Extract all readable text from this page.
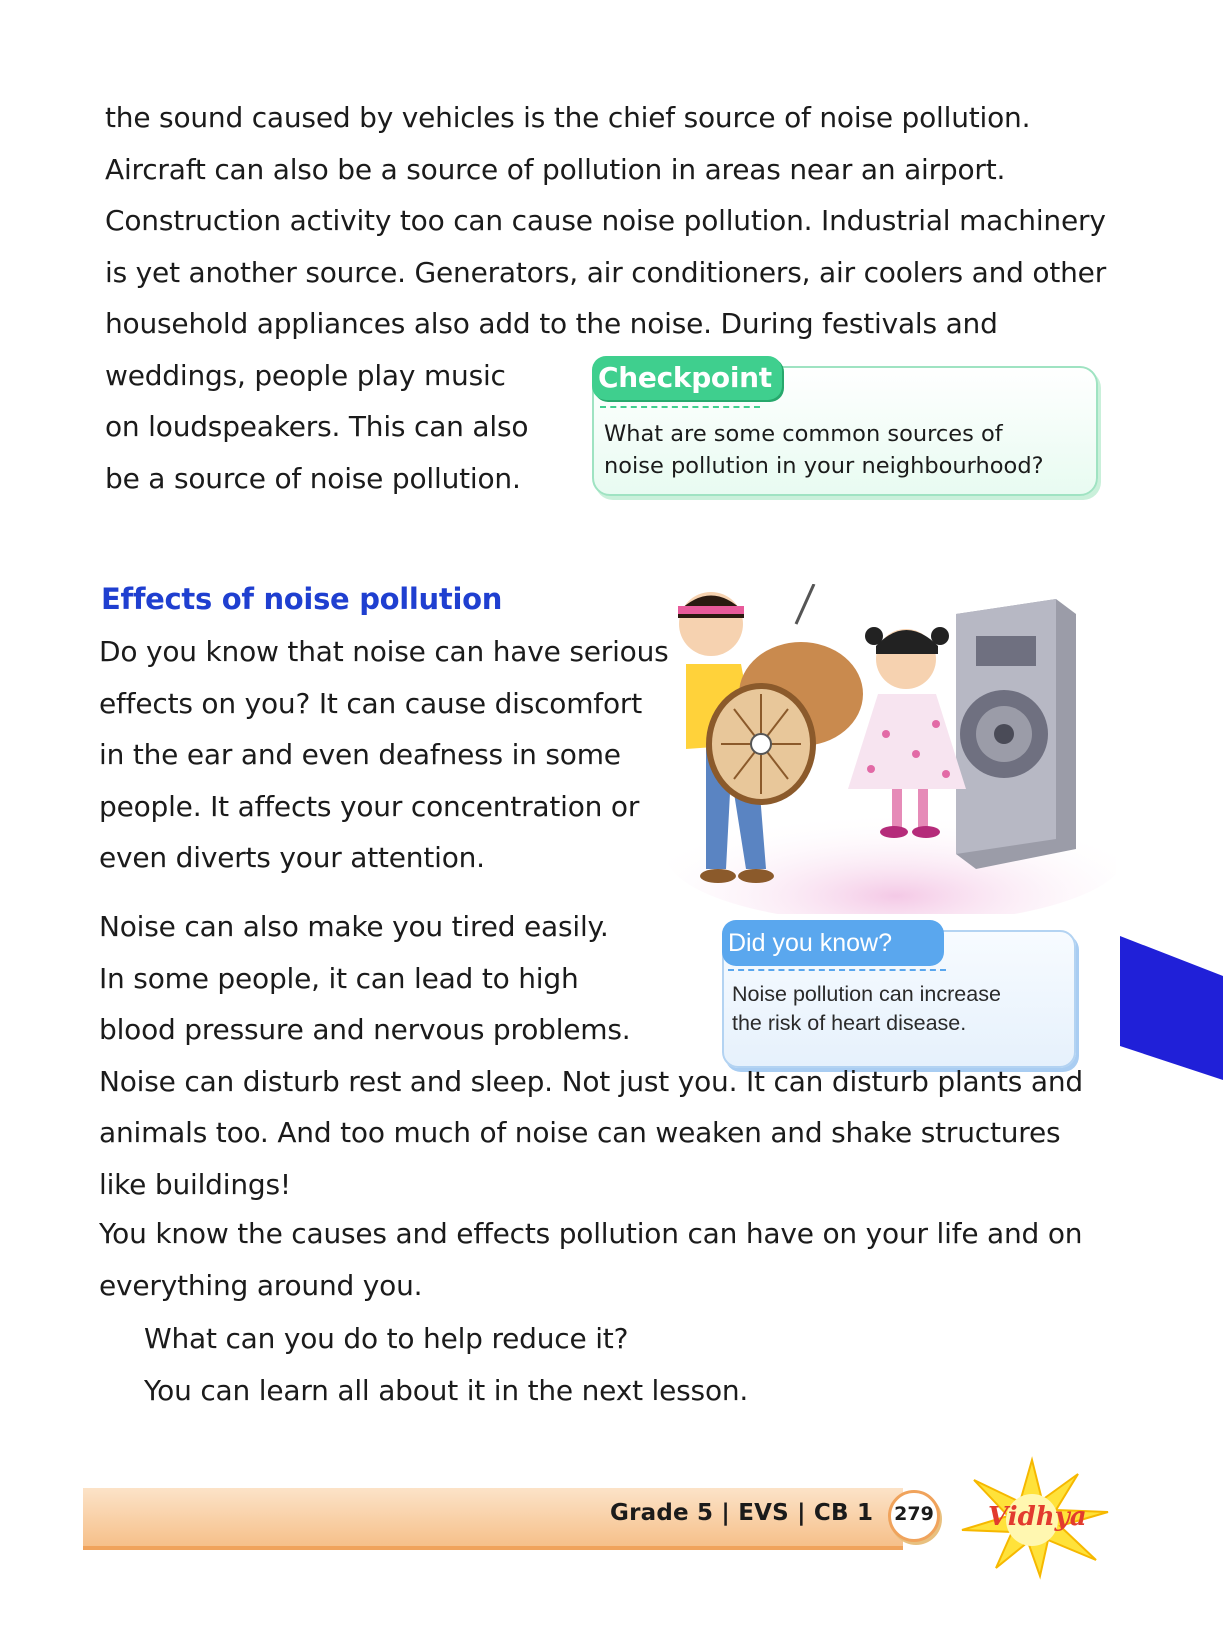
the sound caused by vehicles is the chief source of noise pollution.
Aircraft can also be a source of pollution in areas near an airport.
Construction activity too can cause noise pollution. Industrial machinery
is yet another source. Generators, air conditioners, air coolers and other
household appliances also add to the noise. During festivals and
weddings, people play music
on loudspeakers. This can also
be a source of noise pollution.
Checkpoint
What are some common sources of
noise pollution in your neighbourhood?
Effects of noise pollution
Do you know that noise can have serious
effects on you? It can cause discomfort
in the ear and even deafness in some
people. It affects your concentration or
even diverts your attention.
Did you know?
Noise pollution can increase
the risk of heart disease.
Noise can also make you tired easily.
In some people, it can lead to high
blood pressure and nervous problems.
Noise can disturb rest and sleep. Not just you. It can disturb plants and
animals too. And too much of noise can weaken and shake structures
like buildings!
You know the causes and effects pollution can have on your life and on
everything around you.
What can you do to help reduce it?
You can learn all about it in the next lesson.
Grade 5 | EVS | CB 1	279 Vidhya
